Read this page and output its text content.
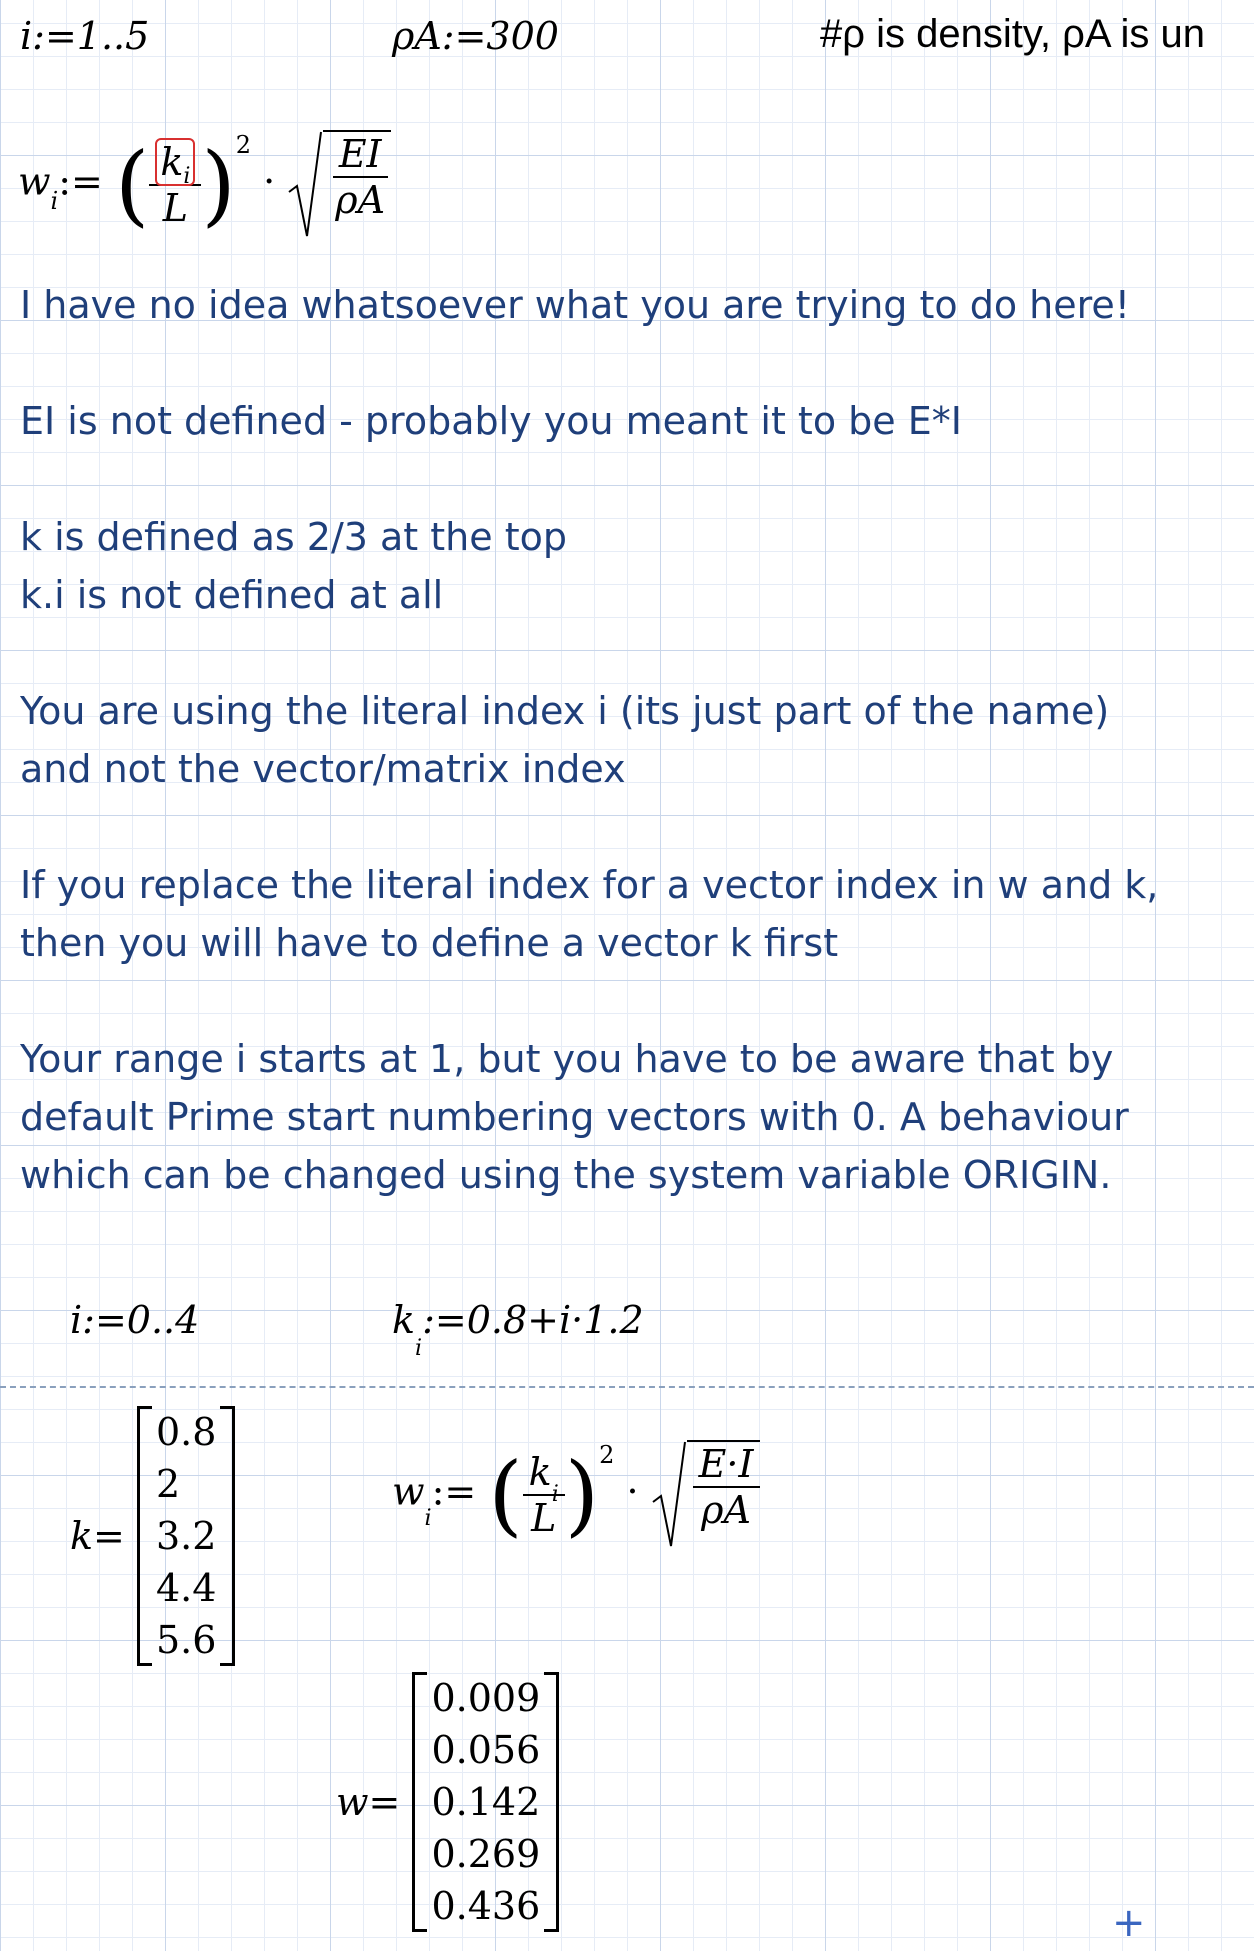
i:=1..5	ρA:=300	#ρ is density, ρA is un
$w_i:=$ ( $\frac{k_i}{L} )^2 \cdot \frac{EI}{\rho A}$
I have no idea whatsoever what you are trying to do here!
EI is not defined - probably you meant it to be E*I
k is defined as 2/3 at the top
k.i is not defined at all
You are using the literal index i (its just part of the name)
and not the vector/matrix index
If you replace the literal index for a vector index in w and k,
then you will have to define a vector k first
Your range i starts at 1, but you have to be aware that by
default Prime start numbering vectors with 0. A behaviour
which can be changed using the system variable ORIGIN.
i:=0..4	$k_i:=0.8+i\cdot 1.2$
k=
0.8
2
3.2
4.4
5.6
$w_i:=$ ( $\frac{k_i}{L} )^2 \cdot \frac{E\cdot I}{\rho A}$
w=
0.009
0.056
0.142
0.269
0.436	+
